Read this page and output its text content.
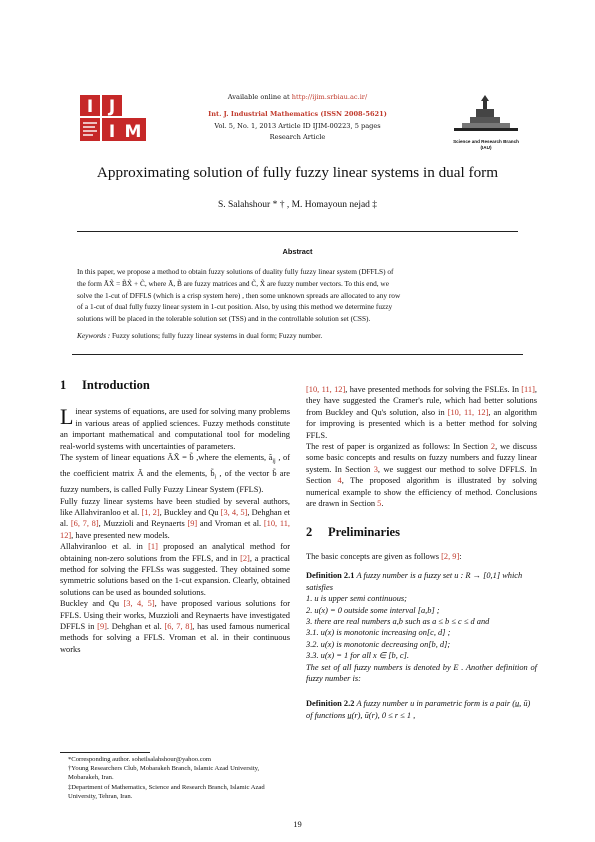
I J
I M
Available online at http://ijim.srbiau.ac.ir/
Int. J. Industrial Mathematics (ISSN 2008-5621)
Vol. 5, No. 1, 2013 Article ID IJIM-00223, 5 pages
Research Article
Science and Research Branch (IAU)
Approximating solution of fully fuzzy linear systems in dual form
S. Salahshour * † , M. Homayoun nejad ‡
Abstract
In this paper, we propose a method to obtain fuzzy solutions of duality fully fuzzy linear system (DFFLS) of
the form ÃX̃ = B̃X̃ + C̃, where Ã, B̃ are fuzzy matrices and C̃, X̃ are fuzzy number vectors. To this end, we
solve the 1-cut of DFFLS (which is a crisp system here) , then some unknown spreads are allocated to any row
of a 1-cut of dual fully fuzzy linear system in 1-cut position. Also, by using this method we determine fuzzy
solutions will be placed in the tolerable solution set (TSS) and in the controllable solution set (CSS).
Keywords : Fuzzy solutions; fully fuzzy linear systems in dual form; Fuzzy number.
1 Introduction

Linear systems of equations, are used for solving many problems in various areas of applied sciences. Fuzzy methods constitute an important mathematical and computational tool for modeling real-world systems with uncertainties of parameters.

The system of linear equations ÃX̃ = b̃ ,where the elements, $ã_{ij}$ , of the coefficient matrix Ã and the elements, $b̃_i$ , of the vector b̃ are fuzzy numbers, is called Fully Fuzzy Linear System (FFLS).

Fully fuzzy linear systems have been studied by several authors, like Allahviranloo et al. [1, 2], Buckley and Qu [3, 4, 5], Dehghan et al. [6, 7, 8], Muzzioli and Reynaerts [9] and Vroman et al. [10, 11, 12], have presented new models.

Allahviranloo et al. in [1] proposed an analytical method for obtaining non-zero solutions from the FFLS, and in [2], a practical method for solving the FFLSs was suggested. They obtained some symmetric solutions based on the 1-cut expansion. Clearly, obtained solutions can be used as bounded solutions.

Buckley and Qu [3, 4, 5], have proposed various solutions for FFLS. Using their works, Muzzioli and Reynaerts have investigated DFFLS in [9]. Dehghan et al. [6, 7, 8], has used famous numerical methods for solving a FFLS. Vroman et al. in their continuous works

*Corresponding author. soheilsalahshour@yahoo.com
†Young Researchers Club, Mobarakeh Branch, Islamic Azad University, Mobarakeh, Iran.
‡Department of Mathematics, Science and Research Branch, Islamic Azad University, Tehran, Iran.

[10, 11, 12], have presented methods for solving the FSLEs. In [11], they have suggested the Cramer's rule, which had better solutions from Buckley and Qu's solution, also in [10, 11, 12], an algorithm for improving is presented which is a better method for solving FFLS.

The rest of paper is organized as follows: In Section 2, we discuss some basic concepts and results on fuzzy numbers and fuzzy linear system. In Section 3, we suggest our method to solve DFFLS. In Section 4, The proposed algorithm is illustrated by solving numerical example to show the efficiency of method. Conclusions are drawn in Section 5.

2 Preliminaries

The basic concepts are given as follows [2, 9]:

Definition 2.1 A fuzzy number is a fuzzy set u : R → [0,1] which satisfies

1. u is upper semi continuous;
2. u(x) = 0 outside some interval [a,b] ;
3. there are real numbers a,b such as a ≤ b ≤ c ≤ d and
3.1. u(x) is monotonic increasing on[c, d] ;
3.2. u(x) is monotonic decreasing on[b, d];
3.3. u(x) = 1 for all x ∈ [b, c].
The set of all fuzzy numbers is denoted by E . Another definition of fuzzy number is:

Definition 2.2 A fuzzy number u in parametric form is a pair (u̲, ū) of functions u̲(r), ū(r), 0 ≤ r ≤ 1 ,

19
